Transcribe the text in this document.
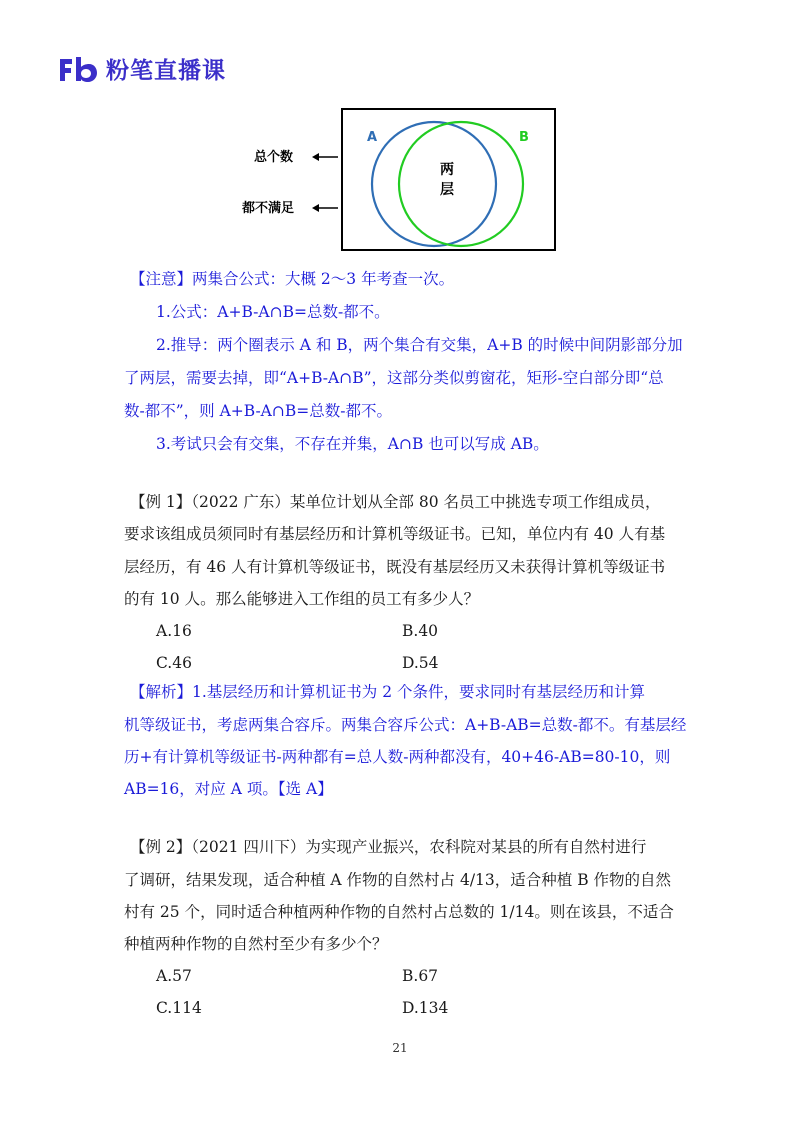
粉笔直播课
A	B
两
层
总个数
都不满足
【注意】两集合公式：大概 2～3 年考查一次。
1.公式：A+B-A∩B=总数-都不。
2.推导：两个圈表示 A 和 B，两个集合有交集，A+B 的时候中间阴影部分加
了两层，需要去掉，即“A+B-A∩B”，这部分类似剪窗花，矩形-空白部分即“总
数-都不”，则 A+B-A∩B=总数-都不。
3.考试只会有交集，不存在并集，A∩B 也可以写成 AB。
【例 1】（2022 广东）某单位计划从全部 80 名员工中挑选专项工作组成员，
要求该组成员须同时有基层经历和计算机等级证书。已知，单位内有 40 人有基
层经历，有 46 人有计算机等级证书，既没有基层经历又未获得计算机等级证书
的有 10 人。那么能够进入工作组的员工有多少人？
A.16	B.40
C.46	D.54
【解析】1.基层经历和计算机证书为 2 个条件，要求同时有基层经历和计算
机等级证书，考虑两集合容斥。两集合容斥公式：A+B-AB=总数-都不。有基层经
历+有计算机等级证书-两种都有=总人数-两种都没有，40+46-AB=80-10，则
AB=16，对应 A 项。【选 A】
【例 2】（2021 四川下）为实现产业振兴，农科院对某县的所有自然村进行
了调研，结果发现，适合种植 A 作物的自然村占 4/13，适合种植 B 作物的自然
村有 25 个，同时适合种植两种作物的自然村占总数的 1/14。则在该县，不适合
种植两种作物的自然村至少有多少个？
A.57	B.67
C.114	D.134
21
